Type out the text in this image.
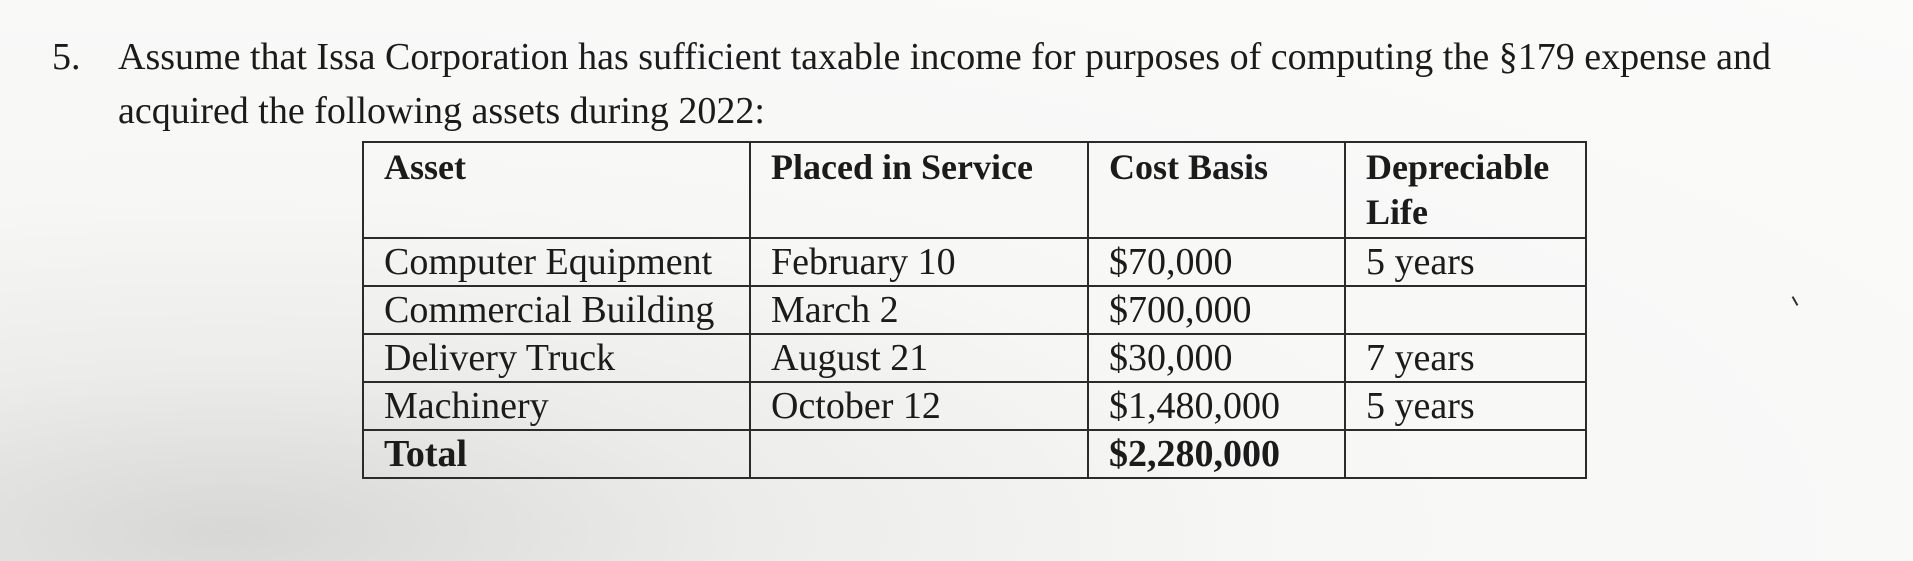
5. Assume that Issa Corporation has sufficient taxable income for purposes of computing the §179 expense and
acquired the following assets during 2022:
Asset	Placed in Service	Cost Basis	Depreciable
Life
Computer Equipment	February 10	$70,000	5 years
Commercial Building	March 2	$700,000	
Delivery Truck	August 21	$30,000	7 years
Machinery	October 12	$1,480,000	5 years
Total		$2,280,000	
